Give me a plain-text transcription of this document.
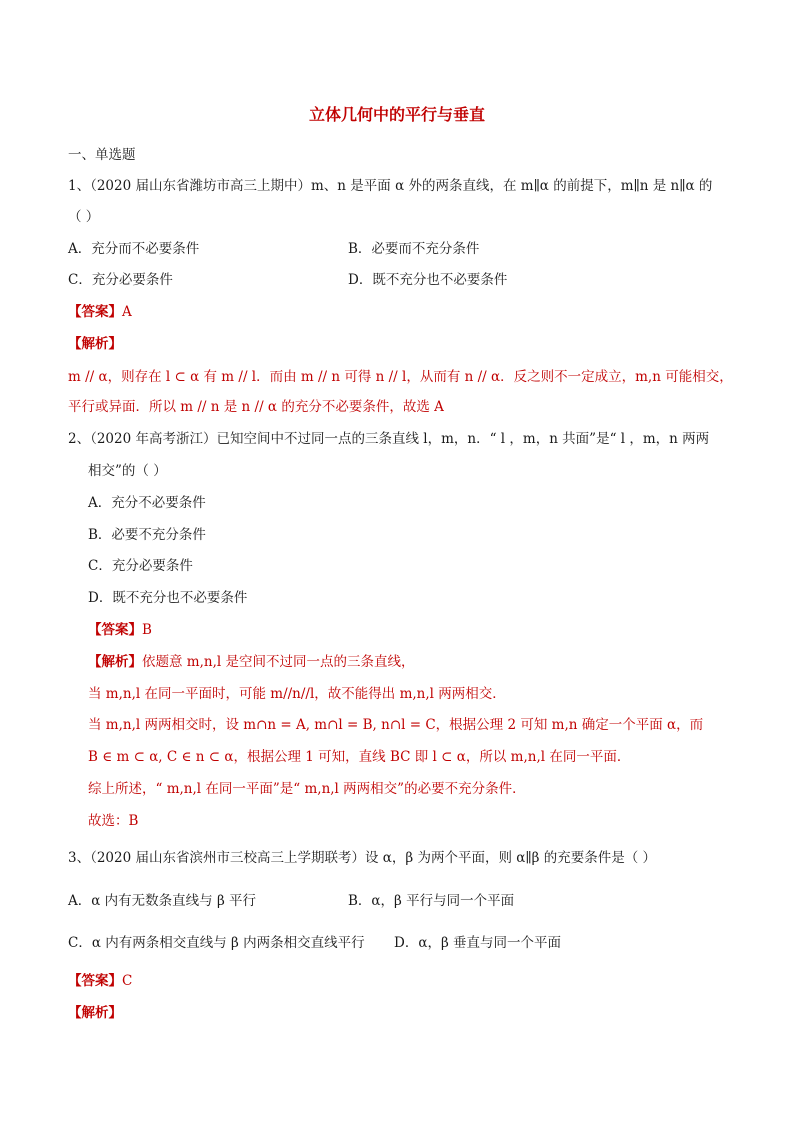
立体几何中的平行与垂直
一、单选题
1、（2020 届山东省潍坊市高三上期中）m、n 是平面 α 外的两条直线，在 m∥α 的前提下，m∥n 是 n∥α 的
（ ）
A．充分而不必要条件	B．必要而不充分条件
C．充分必要条件	D．既不充分也不必要条件
【答案】A
【解析】
m // α，则存在 l ⊂ α 有 m // l．而由 m // n 可得 n // l，从而有 n // α．反之则不一定成立，m,n 可能相交，
平行或异面．所以 m // n 是 n // α 的充分不必要条件，故选 A
2、（2020 年高考浙江）已知空间中不过同一点的三条直线 l，m，n．“ l ，m，n 共面”是“ l ，m，n 两两
相交”的（ ）
A．充分不必要条件
B．必要不充分条件
C．充分必要条件
D．既不充分也不必要条件
【答案】B
【解析】依题意 m,n,l 是空间不过同一点的三条直线，
当 m,n,l 在同一平面时，可能 m//n//l，故不能得出 m,n,l 两两相交．
当 m,n,l 两两相交时，设 m∩n = A, m∩l = B, n∩l = C，根据公理 2 可知 m,n 确定一个平面 α，而
B ∈ m ⊂ α, C ∈ n ⊂ α，根据公理 1 可知，直线 BC 即 l ⊂ α，所以 m,n,l 在同一平面．
综上所述，“ m,n,l 在同一平面”是“ m,n,l 两两相交”的必要不充分条件．
故选：B
3、（2020 届山东省滨州市三校高三上学期联考）设 α，β 为两个平面，则 α∥β 的充要条件是（ ）
A．α 内有无数条直线与 β 平行	B．α，β 平行与同一个平面
C．α 内有两条相交直线与 β 内两条相交直线平行 D．α，β 垂直与同一个平面
【答案】C
【解析】
